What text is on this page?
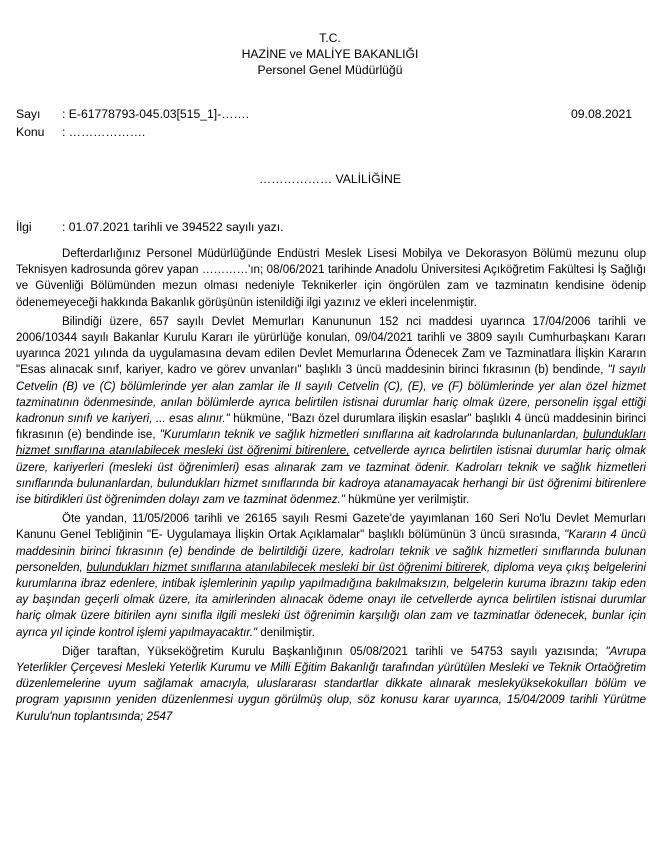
T.C.
HAZİNE ve MALİYE BAKANLIĞI
Personel Genel Müdürlüğü
Sayı : E-61778793-045.03[515_1]-…….	09.08.2021
Konu : ……………….
……………… VALİLİĞİNE
İlgi : 01.07.2021 tarihli ve 394522 sayılı yazı.

Defterdarlığınız Personel Müdürlüğünde Endüstri Meslek Lisesi Mobilya ve Dekorasyon Bölümü mezunu olup Teknisyen kadrosunda görev yapan …………'ın; 08/06/2021 tarihinde Anadolu Üniversitesi Açıköğretim Fakültesi İş Sağlığı ve Güvenliği Bölümünden mezun olması nedeniyle Teknikerler için öngörülen zam ve tazminatın kendisine ödenip ödenemeyeceği hakkında Bakanlık görüşünün istenildiği ilgi yazınız ve ekleri incelenmiştir.

Bilindiği üzere, 657 sayılı Devlet Memurları Kanununun 152 nci maddesi uyarınca 17/04/2006 tarihli ve 2006/10344 sayılı Bakanlar Kurulu Kararı ile yürürlüğe konulan, 09/04/2021 tarihli ve 3809 sayılı Cumhurbaşkanı Kararı uyarınca 2021 yılında da uygulamasına devam edilen Devlet Memurlarına Ödenecek Zam ve Tazminatlara İlişkin Kararın "Esas alınacak sınıf, kariyer, kadro ve görev unvanları" başlıklı 3 üncü maddesinin birinci fıkrasının (b) bendinde, "I sayılı Cetvelin (B) ve (C) bölümlerinde yer alan zamlar ile II sayılı Cetvelin (C), (E), ve (F) bölümlerinde yer alan özel hizmet tazminatının ödenmesinde, anılan bölümlerde ayrıca belirtilen istisnai durumlar hariç olmak üzere, personelin işgal ettiği kadronun sınıfı ve kariyeri, ... esas alınır." hükmüne, "Bazı özel durumlara ilişkin esaslar" başlıklı 4 üncü maddesinin birinci fıkrasının (e) bendinde ise, "Kurumların teknik ve sağlık hizmetleri sınıflarına ait kadrolarında bulunanlardan, bulundukları hizmet sınıflarına atanılabilecek mesleki üst öğrenimi bitirenlere, cetvellerde ayrıca belirtilen istisnai durumlar hariç olmak üzere, kariyerleri (mesleki üst öğrenimleri) esas alınarak zam ve tazminat ödenir. Kadroları teknik ve sağlık hizmetleri sınıflarında bulunanlardan, bulundukları hizmet sınıflarında bir kadroya atanamayacak herhangi bir üst öğrenimi bitirenlere ise bitirdikleri üst öğrenimden dolayı zam ve tazminat ödenmez." hükmüne yer verilmiştir.

Öte yandan, 11/05/2006 tarihli ve 26165 sayılı Resmi Gazete'de yayımlanan 160 Seri No'lu Devlet Memurları Kanunu Genel Tebliğinin "E- Uygulamaya İlişkin Ortak Açıklamalar" başlıklı bölümünün 3 üncü sırasında, "Kararın 4 üncü maddesinin birinci fıkrasının (e) bendinde de belirtildiği üzere, kadroları teknik ve sağlık hizmetleri sınıflarında bulunan personelden, bulundukları hizmet sınıflarına atanılabilecek mesleki bir üst öğrenimi bitirerek, diploma veya çıkış belgelerini kurumlarına ibraz edenlere, intibak işlemlerinin yapılıp yapılmadığına bakılmaksızın, belgelerin kuruma ibrazını takip eden ay başından geçerli olmak üzere, ita amirlerinden alınacak ödeme onayı ile cetvellerde ayrıca belirtilen istisnai durumlar hariç olmak üzere bitirilen aynı sınıfla ilgili mesleki üst öğrenimin karşılığı olan zam ve tazminatlar ödenecek, bunlar için ayrıca yıl içinde kontrol işlemi yapılmayacaktır." denilmiştir.

Diğer taraftan, Yükseköğretim Kurulu Başkanlığının 05/08/2021 tarihli ve 54753 sayılı yazısında; "Avrupa Yeterlikler Çerçevesi Mesleki Yeterlik Kurumu ve Milli Eğitim Bakanlığı tarafından yürütülen Mesleki ve Teknik Ortaöğretim düzenlemelerine uyum sağlamak amacıyla, uluslararası standartlar dikkate alınarak meslekyüksekokulları bölüm ve program yapısının yeniden düzenlenmesi uygun görülmüş olup, söz konusu karar uyarınca, 15/04/2009 tarihli Yürütme Kurulu'nun toplantısında; 2547
